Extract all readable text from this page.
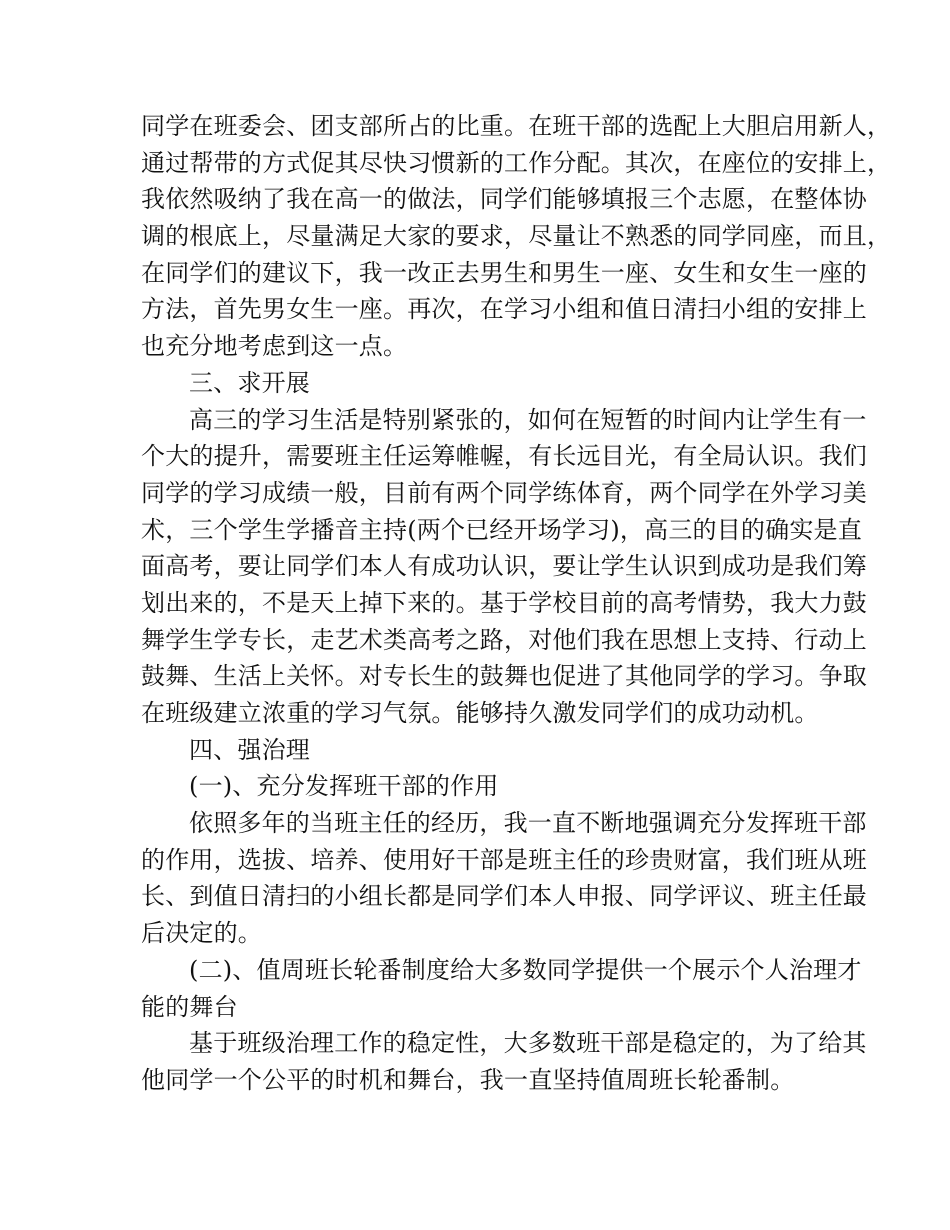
同学在班委会、团支部所占的比重。在班干部的选配上大胆启用新人，
通过帮带的方式促其尽快习惯新的工作分配。其次，在座位的安排上，
我依然吸纳了我在高一的做法，同学们能够填报三个志愿，在整体协
调的根底上，尽量满足大家的要求，尽量让不熟悉的同学同座，而且，
在同学们的建议下，我一改正去男生和男生一座、女生和女生一座的
方法，首先男女生一座。再次，在学习小组和值日清扫小组的安排上
也充分地考虑到这一点。
三、求开展
高三的学习生活是特别紧张的，如何在短暂的时间内让学生有一
个大的提升，需要班主任运筹帷幄，有长远目光，有全局认识。我们
同学的学习成绩一般，目前有两个同学练体育，两个同学在外学习美
术，三个学生学播音主持(两个已经开场学习)，高三的目的确实是直
面高考，要让同学们本人有成功认识，要让学生认识到成功是我们筹
划出来的，不是天上掉下来的。基于学校目前的高考情势，我大力鼓
舞学生学专长，走艺术类高考之路，对他们我在思想上支持、行动上
鼓舞、生活上关怀。对专长生的鼓舞也促进了其他同学的学习。争取
在班级建立浓重的学习气氛。能够持久激发同学们的成功动机。
四、强治理
(一)、充分发挥班干部的作用
依照多年的当班主任的经历，我一直不断地强调充分发挥班干部
的作用，选拔、培养、使用好干部是班主任的珍贵财富，我们班从班
长、到值日清扫的小组长都是同学们本人申报、同学评议、班主任最
后决定的。
(二)、值周班长轮番制度给大多数同学提供一个展示个人治理才
能的舞台
基于班级治理工作的稳定性，大多数班干部是稳定的，为了给其
他同学一个公平的时机和舞台，我一直坚持值周班长轮番制。
